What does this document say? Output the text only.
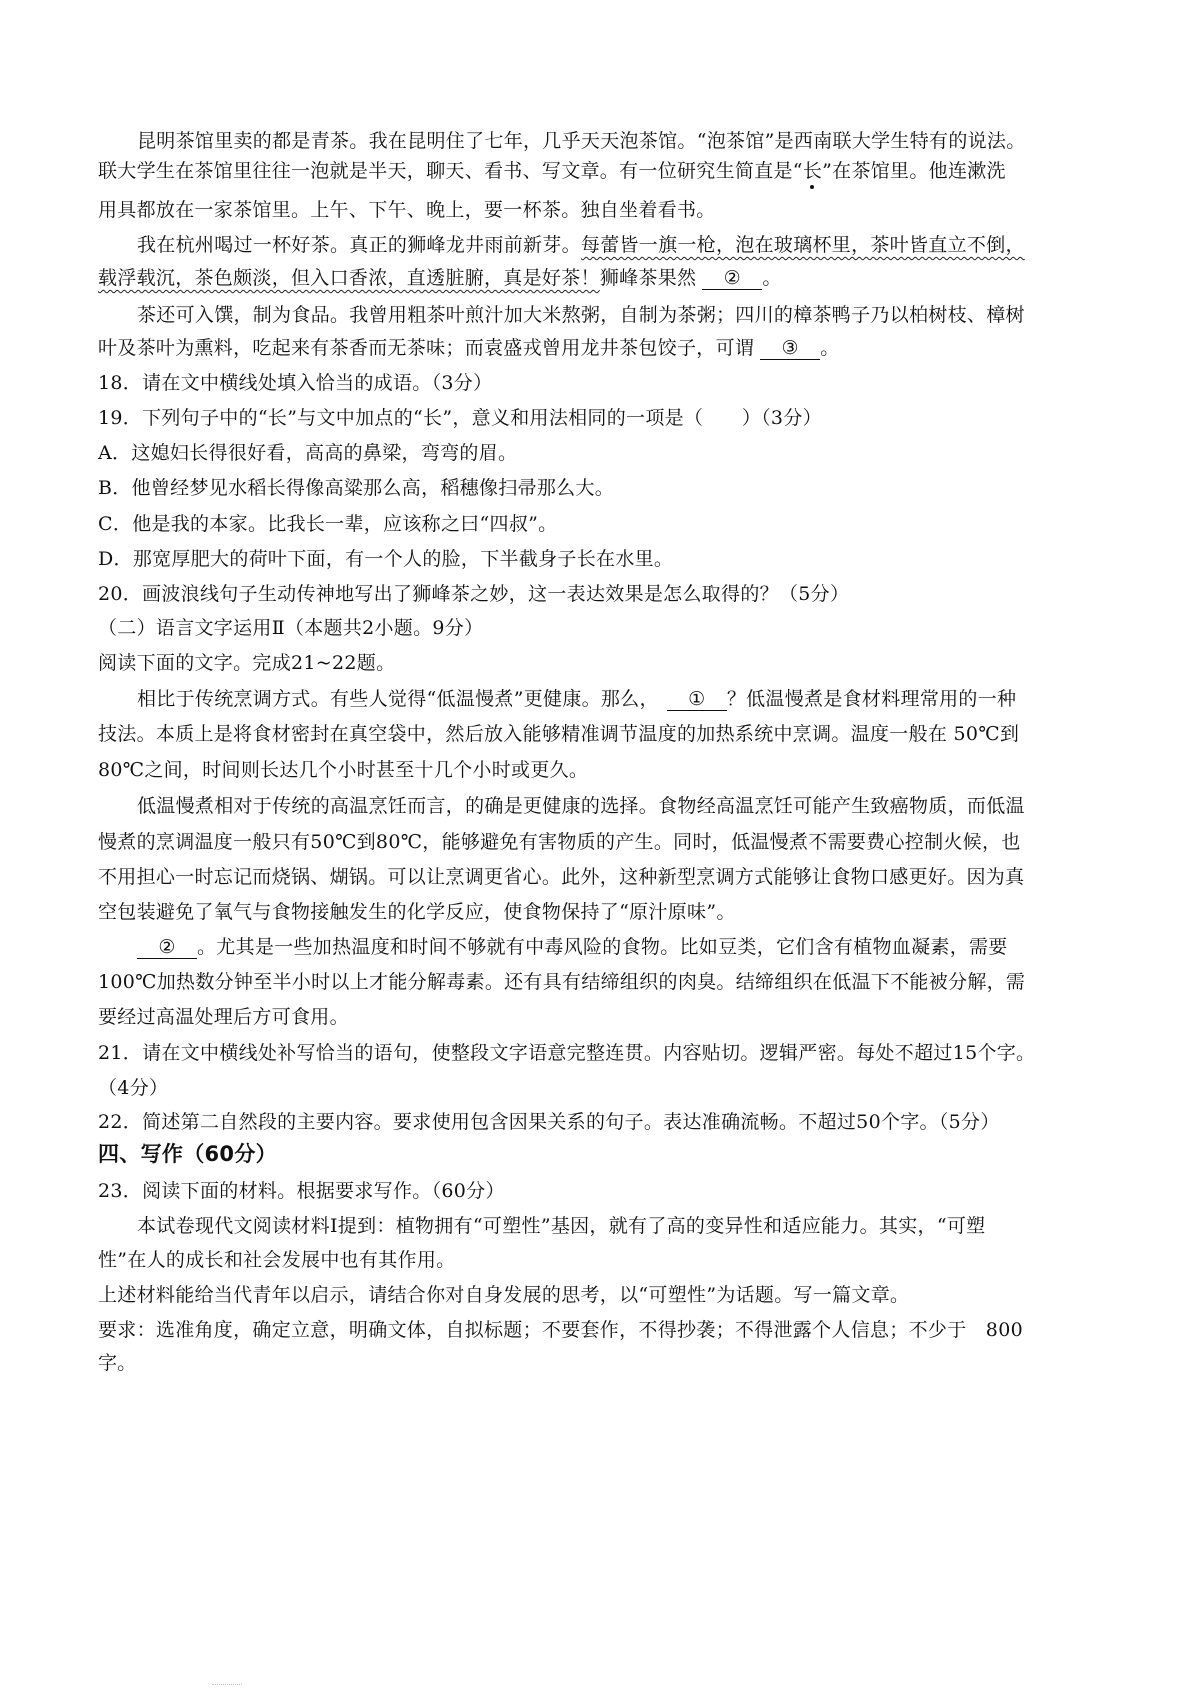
昆明茶馆里卖的都是青茶。我在昆明住了七年，几乎天天泡茶馆。“泡茶馆”是西南联大学生特有的说法。
联大学生在茶馆里往往一泡就是半天，聊天、看书、写文章。有一位研究生简直是“长”在茶馆里。他连漱洗
用具都放在一家茶馆里。上午、下午、晚上，要一杯茶。独自坐着看书。
我在杭州喝过一杯好茶。真正的狮峰龙井雨前新芽。每蕾皆一旗一枪，泡在玻璃杯里，茶叶皆直立不倒，
载浮载沉，茶色颇淡，但入口香浓，直透脏腑，真是好茶！狮峰茶果然 ② 。
茶还可入馔，制为食品。我曾用粗茶叶煎汁加大米熬粥，自制为茶粥；四川的樟茶鸭子乃以柏树枝、樟树
叶及茶叶为熏料，吃起来有茶香而无茶味；而袁盛戎曾用龙井茶包饺子，可谓 ③ 。
18．请在文中横线处填入恰当的成语。（3分）
19．下列句子中的“长”与文中加点的“长”，意义和用法相同的一项是（　　）（3分）
A．这媳妇长得很好看，高高的鼻梁，弯弯的眉。
B．他曾经梦见水稻长得像高粱那么高，稻穗像扫帚那么大。
C．他是我的本家。比我长一辈，应该称之曰“四叔”。
D．那宽厚肥大的荷叶下面，有一个人的脸，下半截身子长在水里。
20．画波浪线句子生动传神地写出了狮峰茶之妙，这一表达效果是怎么取得的？（5分）
（二）语言文字运用Ⅱ（本题共2小题。9分）
阅读下面的文字。完成21~22题。
相比于传统烹调方式。有些人觉得“低温慢煮”更健康。那么， ① ？低温慢煮是食材料理常用的一种
技法。本质上是将食材密封在真空袋中，然后放入能够精准调节温度的加热系统中烹调。温度一般在 50℃到
80℃之间，时间则长达几个小时甚至十几个小时或更久。
低温慢煮相对于传统的高温烹饪而言，的确是更健康的选择。食物经高温烹饪可能产生致癌物质，而低温
慢煮的烹调温度一般只有50℃到80℃，能够避免有害物质的产生。同时，低温慢煮不需要费心控制火候，也
不用担心一时忘记而烧锅、煳锅。可以让烹调更省心。此外，这种新型烹调方式能够让食物口感更好。因为真
空包装避免了氧气与食物接触发生的化学反应，使食物保持了“原汁原味”。
② 。尤其是一些加热温度和时间不够就有中毒风险的食物。比如豆类，它们含有植物血凝素，需要
100℃加热数分钟至半小时以上才能分解毒素。还有具有结缔组织的肉臭。结缔组织在低温下不能被分解，需
要经过高温处理后方可食用。
21．请在文中横线处补写恰当的语句，使整段文字语意完整连贯。内容贴切。逻辑严密。每处不超过15个字。
（4分）
22．简述第二自然段的主要内容。要求使用包含因果关系的句子。表达准确流畅。不超过50个字。（5分）
四、写作（60分）
23．阅读下面的材料。根据要求写作。（60分）
本试卷现代文阅读材料Ⅰ提到：植物拥有“可塑性”基因，就有了高的变异性和适应能力。其实，“可塑
性”在人的成长和社会发展中也有其作用。
上述材料能给当代青年以启示，请结合你对自身发展的思考，以“可塑性”为话题。写一篇文章。
要求：选准角度，确定立意，明确文体，自拟标题；不要套作，不得抄袭；不得泄露个人信息；不少于　800
字。
